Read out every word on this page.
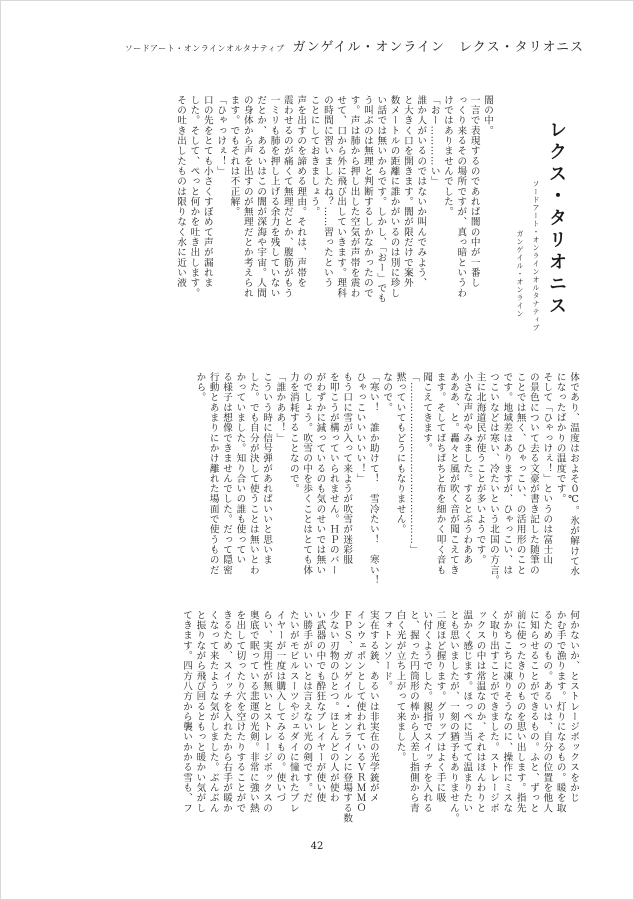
ソードアート・オンラインオルタナティブ ガンゲイル・オンライン　レクス・タリオニス
レクス・タリオニス
ソードアート・オンラインオルタナティブ
ガンゲイル・オンライン
闇の中。
一言で表現するのであれば闇の中が一番し
っくり来るその場所ですが、真っ暗というわ
けではありませんでした。
「おー…………い」
誰か人がいるのではないか叫んでみよう、
と大きく口を開きます。闇が限だけで案外
数メートルの距離に誰かがいるのは別に珍し
い話では無いからです。しかし、「おー」でも
う叫ぶのは無理と判断するしかなかったので
す。声は肺から押し出した空気が声帯を震わ
せて、口から外に飛び出していきます。理科
の時間に習いましたね？……習ったという
ことにしておきましょう。
声を出すのを諦める理由。それは、声帯を
震わせるのが痛くて無理だとか、腹筋がもう
一ミリも肺を押し上げる余力を残していない
だとか、あるいはこの闇が深海や宇宙。人間
の身体から声を出すのが無理だとか考えられ
ます。でもそれは不正解。
「ひゃっけぇ！」
口の先をとても小さくすぼめて声が漏れま
した。そして、ぺっと何かを吐き出します。
その吐き出したものは限りなく水に近い液
体であり、温度はおよそ０℃。氷が解けて水
になったばかりの温度です。
そして「ひゃっけぇ！」というのは富士山
の景色について去る文豪が書き記した随筆の
ことでは無く、ひゃっこい、の活用形のこと
です。地域差はありますが、ひゃっこい、は
つこいなどは寒い、冷たいという北国の方言。
主に北海道民が使うことが多いようです。
小さな声がやみました。するとぶうわああ
あああ、と。轟々と風が吹く音が聞こえてき
ます。そしてばちばちと布を細かく叩く音も
聞こえてきます。
「…………………………………………」
黙っていてもどうにもなりません。
なので。
「寒い！　誰か助けて！　雪冷たい！　寒い！
ひゃっこいいいいい！」
もう口に雪が入って来ようが吹雪が迷彩服
を叩こうが構っていられません。ＨＰのバー
がわずかに減っているのも気のせいでは無い
のでしょう。吹雪の中を歩くことはとても体
力を消耗することなので。
「誰かああ！」
こういう時に信号弾があればいいと思いま
した。でも自分が決して使うことは無いとわ
かっていました。知り合いの誰も使ってい
る様子は想像できませんでした。だって隠密
行動とあまりにかけ離れた場面で使うものだ
から。
何かないか、とストレージボックスをかじ
かむ手で漁ります。灯りになるもの。暖を取
るためのもの。あるいは、自分の位置を他人
に知らせることができるもの。ふと、ずっと
前に使ったきりのものを思い出します。指先
がかちこちに凍りそうなのに、操作にミスな
く取り出すことができました。ストレージボ
ックスの中は常温なのか、それはほんわりと
温かく感じます。ほっぺに当てて温まりたい
とも思いましたが、一刻の猶予もありません。
二度ほど握ります。グリップはよく手に吸
い付くようでした。親指でスイッチを入れる
と、握った円筒形の棒から人差し指側から青
白く光が立ち上がって来ました。
フォトンソード。
実在する銃、あるいは非実在の光学銃がメ
インウェポンとして使われているＶＲＭＭＯ
ＦＰＳ、ガンゲイル・オンラインに登場する数
少ない刃物のひとつ。ほとんどの人が使わ
い武器の中でも酔狂なプレイヤーが使い使
い勝手がいいとは言えない光の剣です。だ
たいがモビルスーツやジェダイに憧れたプレ
イヤーが一度は購入してみるもの。使いづ
らい、実用性が無いとストレージボックスの
奥底で眠っている悲運の光剣。非常に強い熱
を出して切ったり穴を空けたりすることがで
きるため、スイッチを入れたから右手が暖か
くなって来たような気がしました。ぶんぶん
と振りながら飛び回るともっと暖かい気がし
てきます。四方八方から襲いかかる雪も、フ
42
